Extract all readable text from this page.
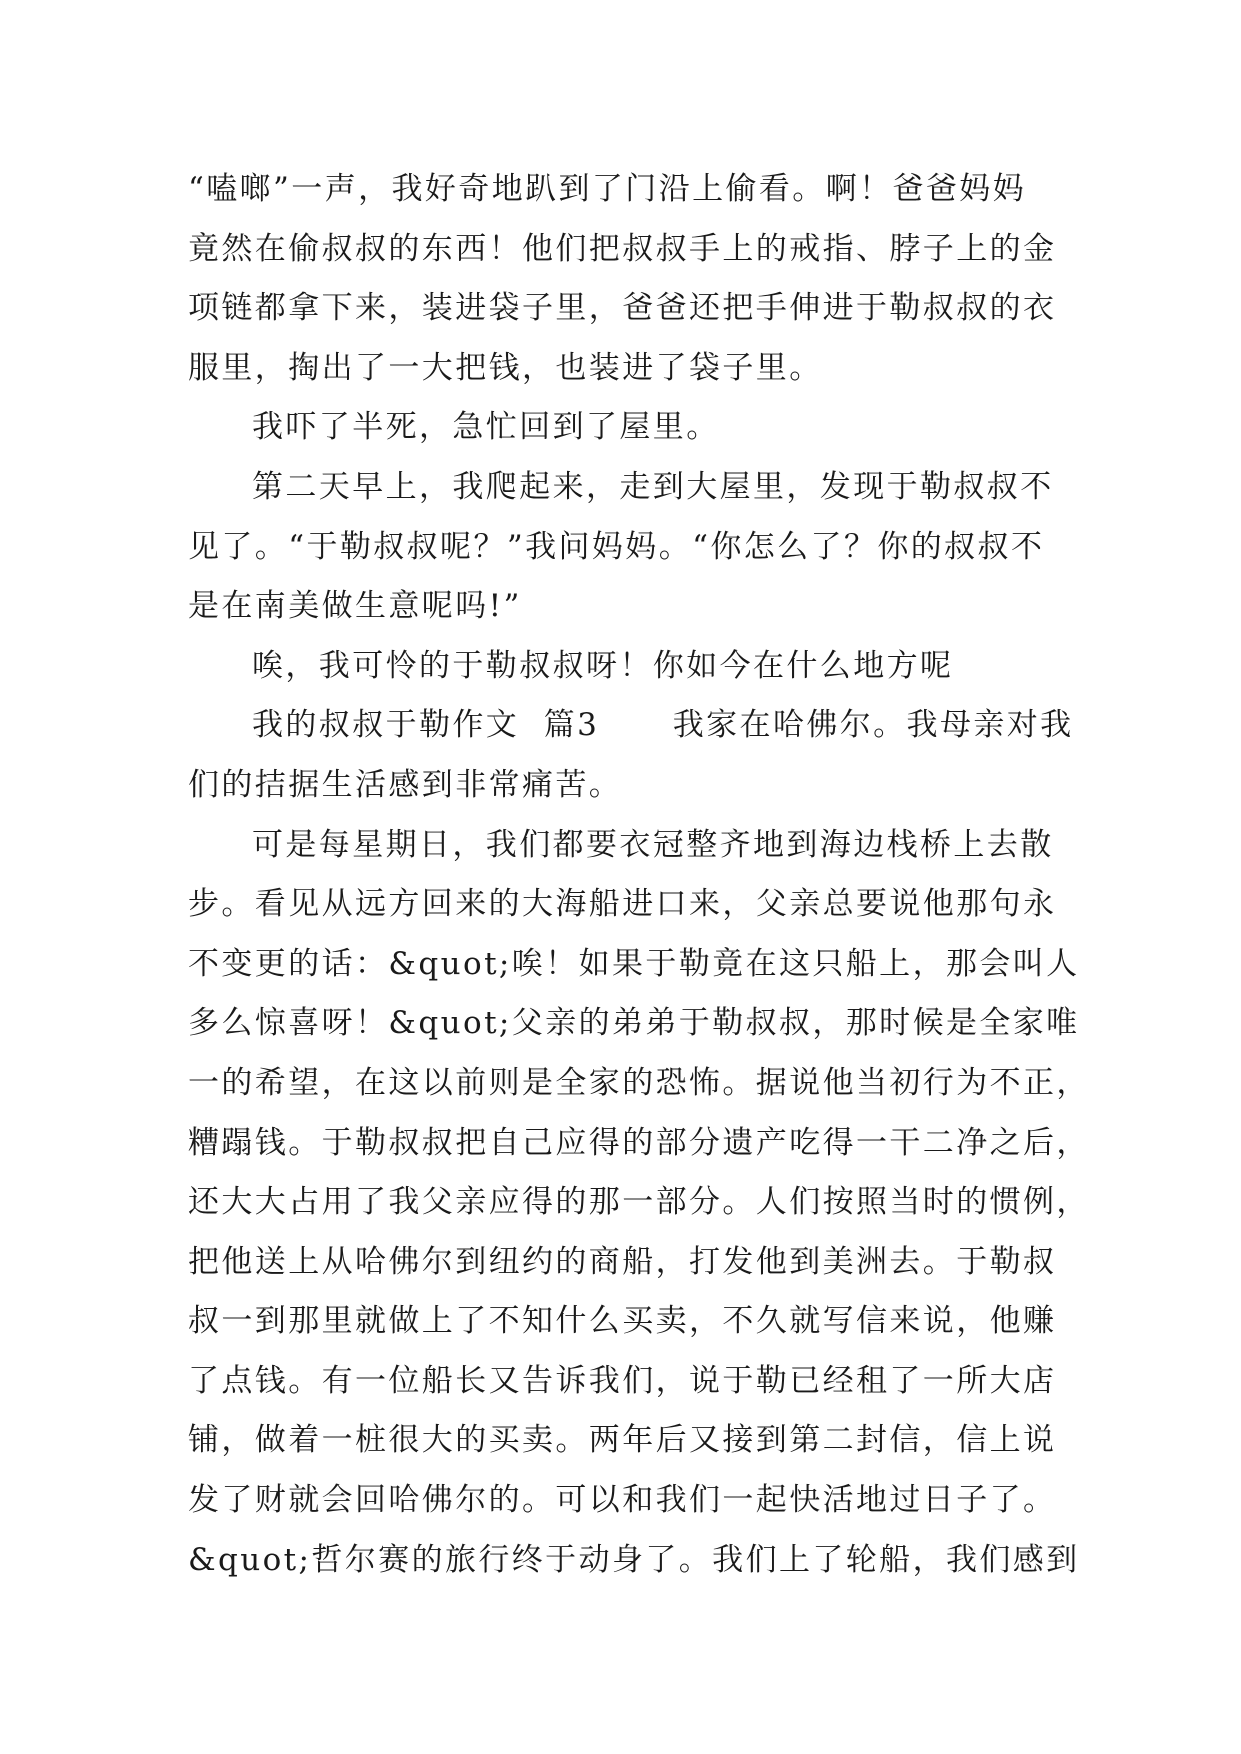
“嗑啷”一声，我好奇地趴到了门沿上偷看。啊！爸爸妈妈
竟然在偷叔叔的东西！他们把叔叔手上的戒指、脖子上的金
项链都拿下来，装进袋子里，爸爸还把手伸进于勒叔叔的衣
服里，掏出了一大把钱，也装进了袋子里。
我吓了半死，急忙回到了屋里。
第二天早上，我爬起来，走到大屋里，发现于勒叔叔不
见了。“于勒叔叔呢？”我问妈妈。“你怎么了？你的叔叔不
是在南美做生意呢吗!”
唉，我可怜的于勒叔叔呀！你如今在什么地方呢
我的叔叔于勒作文  篇3      我家在哈佛尔。我母亲对我
们的拮据生活感到非常痛苦。
可是每星期日，我们都要衣冠整齐地到海边栈桥上去散
步。看见从远方回来的大海船进口来，父亲总要说他那句永
不变更的话：&quot;唉！如果于勒竟在这只船上，那会叫人
多么惊喜呀！&quot;父亲的弟弟于勒叔叔，那时候是全家唯
一的希望，在这以前则是全家的恐怖。据说他当初行为不正，
糟蹋钱。于勒叔叔把自己应得的部分遗产吃得一干二净之后，
还大大占用了我父亲应得的那一部分。人们按照当时的惯例，
把他送上从哈佛尔到纽约的商船，打发他到美洲去。于勒叔
叔一到那里就做上了不知什么买卖，不久就写信来说，他赚
了点钱。有一位船长又告诉我们，说于勒已经租了一所大店
铺，做着一桩很大的买卖。两年后又接到第二封信，信上说
发了财就会回哈佛尔的。可以和我们一起快活地过日子了。
&quot;哲尔赛的旅行终于动身了。我们上了轮船，我们感到
